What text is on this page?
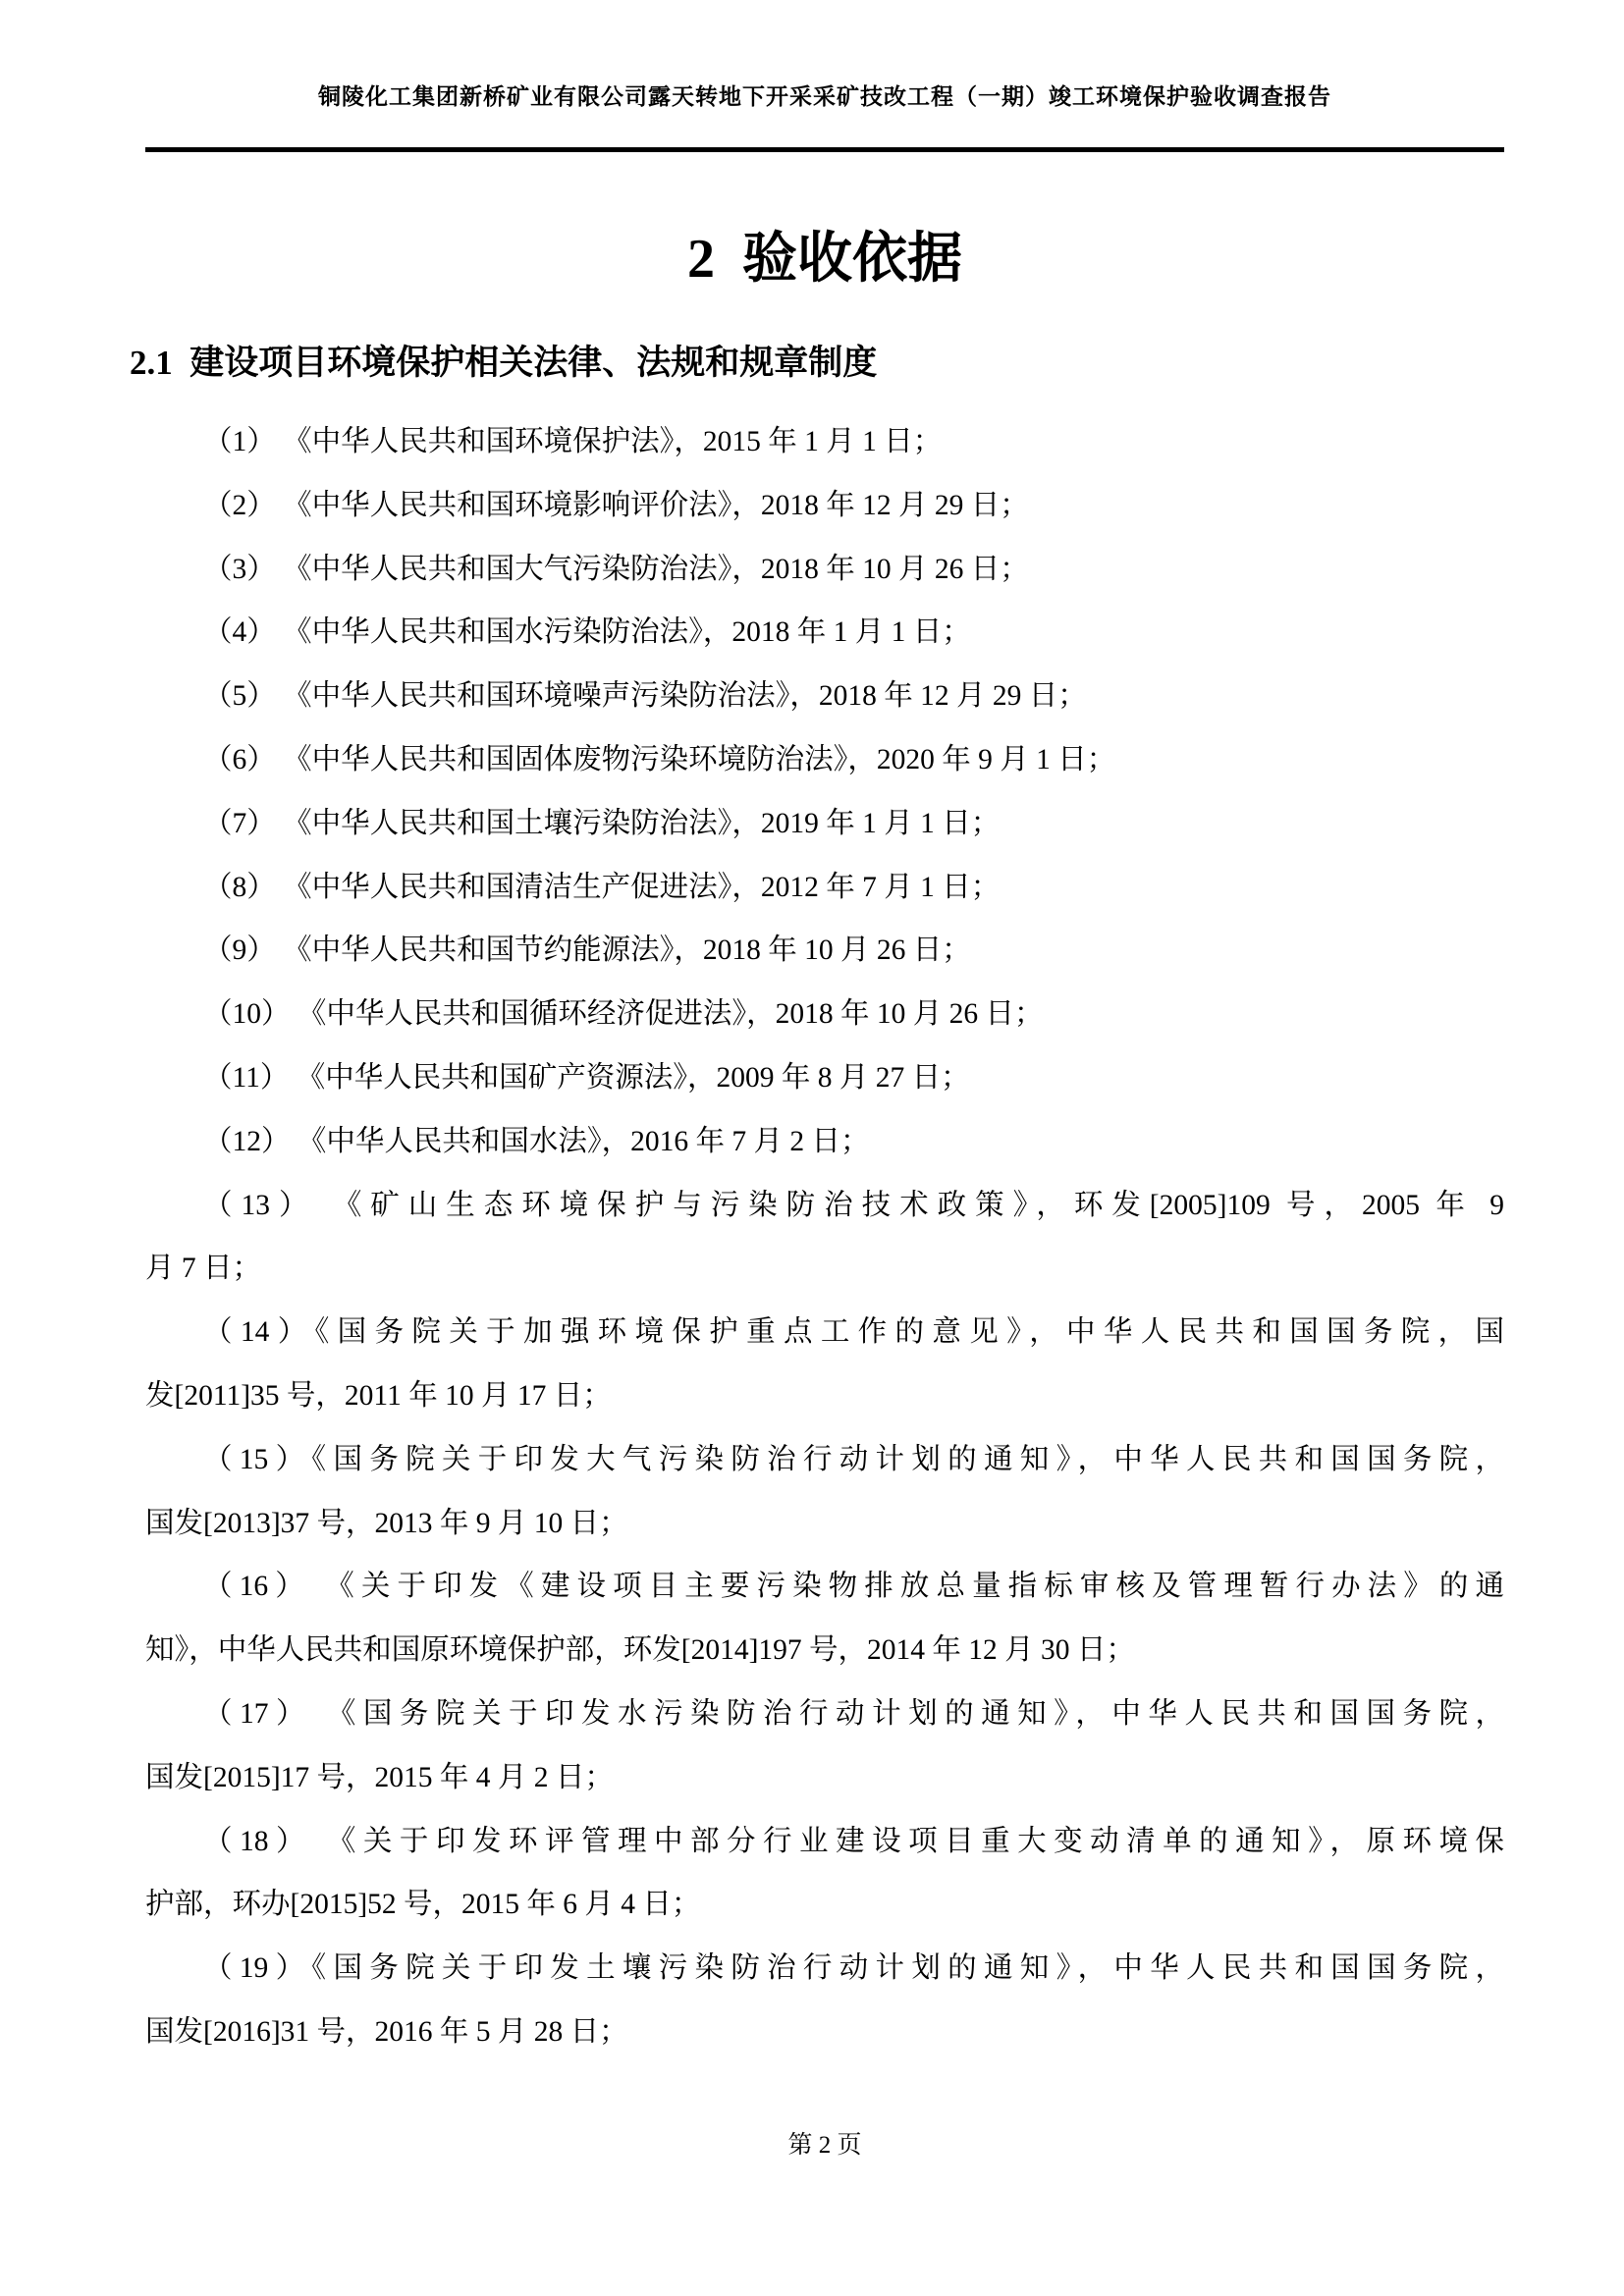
铜陵化工集团新桥矿业有限公司露天转地下开采采矿技改工程（一期）竣工环境保护验收调查报告
2  验收依据
2.1  建设项目环境保护相关法律、法规和规章制度
（1） 《中华人民共和国环境保护法》，2015 年 1 月 1 日；
（2） 《中华人民共和国环境影响评价法》，2018 年 12 月 29 日；
（3） 《中华人民共和国大气污染防治法》，2018 年 10 月 26 日；
（4） 《中华人民共和国水污染防治法》，2018 年 1 月 1 日；
（5） 《中华人民共和国环境噪声污染防治法》，2018 年 12 月 29 日；
（6） 《中华人民共和国固体废物污染环境防治法》，2020 年 9 月 1 日；
（7） 《中华人民共和国土壤污染防治法》，2019 年 1 月 1 日；
（8） 《中华人民共和国清洁生产促进法》，2012 年 7 月 1 日；
（9） 《中华人民共和国节约能源法》，2018 年 10 月 26 日；
（10） 《中华人民共和国循环经济促进法》，2018 年 10 月 26 日；
（11） 《中华人民共和国矿产资源法》，2009 年 8 月 27 日；
（12） 《中华人民共和国水法》，2016 年 7 月 2 日；
（13） 《矿山生态环境保护与污染防治技术政策》，环发[2005]109 号，2005 年 9
月 7 日；
（14）《国务院关于加强环境保护重点工作的意见》，中华人民共和国国务院，国
发[2011]35 号，2011 年 10 月 17 日；
（15）《国务院关于印发大气污染防治行动计划的通知》，中华人民共和国国务院，
国发[2013]37 号，2013 年 9 月 10 日；
（16） 《关于印发《建设项目主要污染物排放总量指标审核及管理暂行办法》的通
知》，中华人民共和国原环境保护部，环发[2014]197 号，2014 年 12 月 30 日；
（17） 《国务院关于印发水污染防治行动计划的通知》，中华人民共和国国务院，
国发[2015]17 号，2015 年 4 月 2 日；
（18） 《关于印发环评管理中部分行业建设项目重大变动清单的通知》，原环境保
护部，环办[2015]52 号，2015 年 6 月 4 日；
（19）《国务院关于印发土壤污染防治行动计划的通知》，中华人民共和国国务院，
国发[2016]31 号，2016 年 5 月 28 日；
第 2 页
